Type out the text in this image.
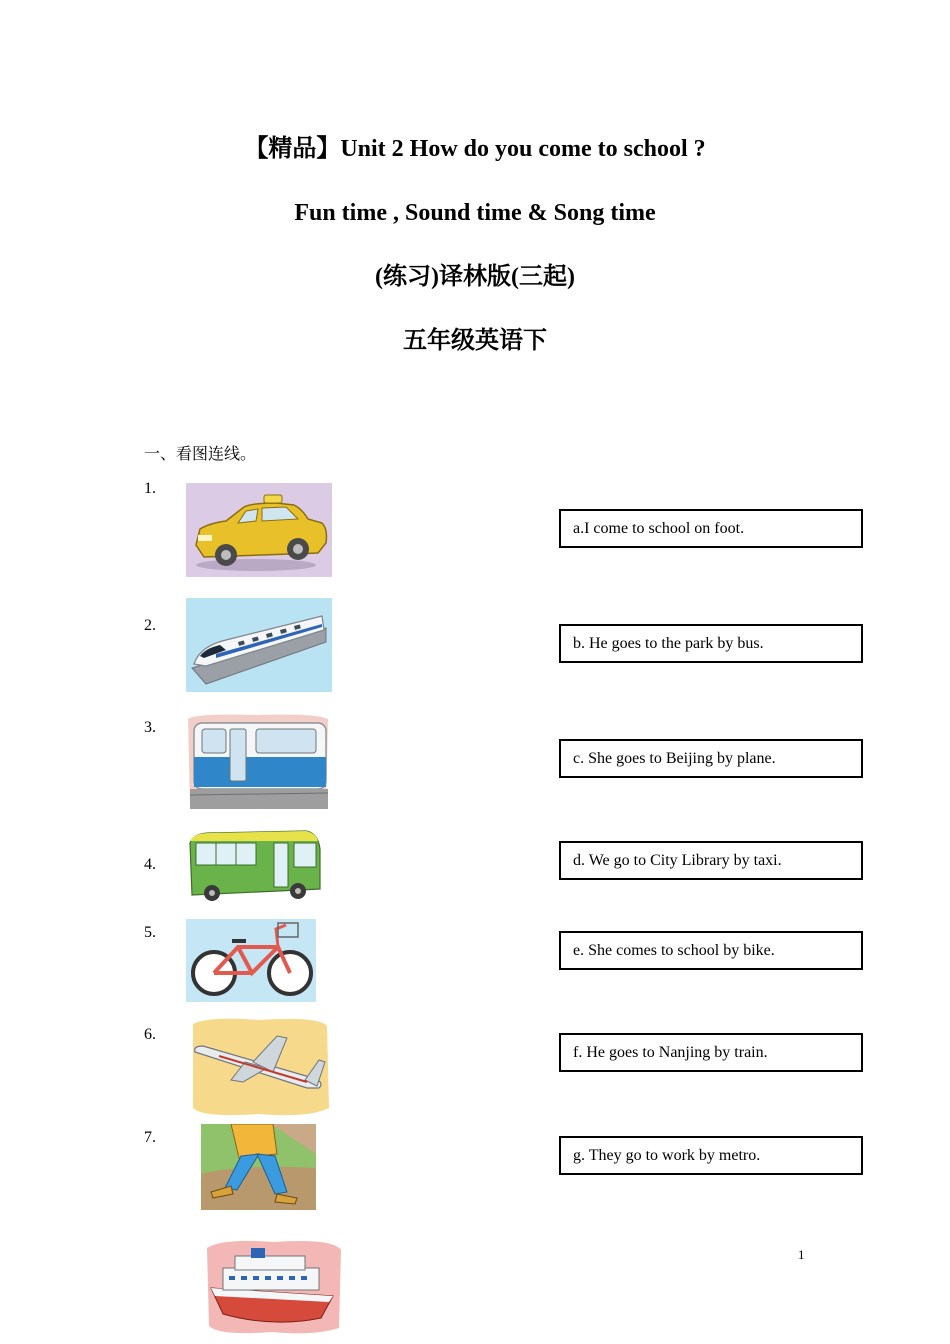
【精品】Unit 2 How do you come to school ?
Fun time , Sound time & Song time
(练习)译林版(三起)
五年级英语下
一、看图连线。
1.
2.
3.
4.
5.
6.
7.
a.I come to school on foot.
b. He goes to the park by bus.
c. She goes to Beijing by plane.
d. We go to City Library by taxi.
e. She comes to school by bike.
f. He goes to Nanjing by train.
g. They go to work by metro.
1
